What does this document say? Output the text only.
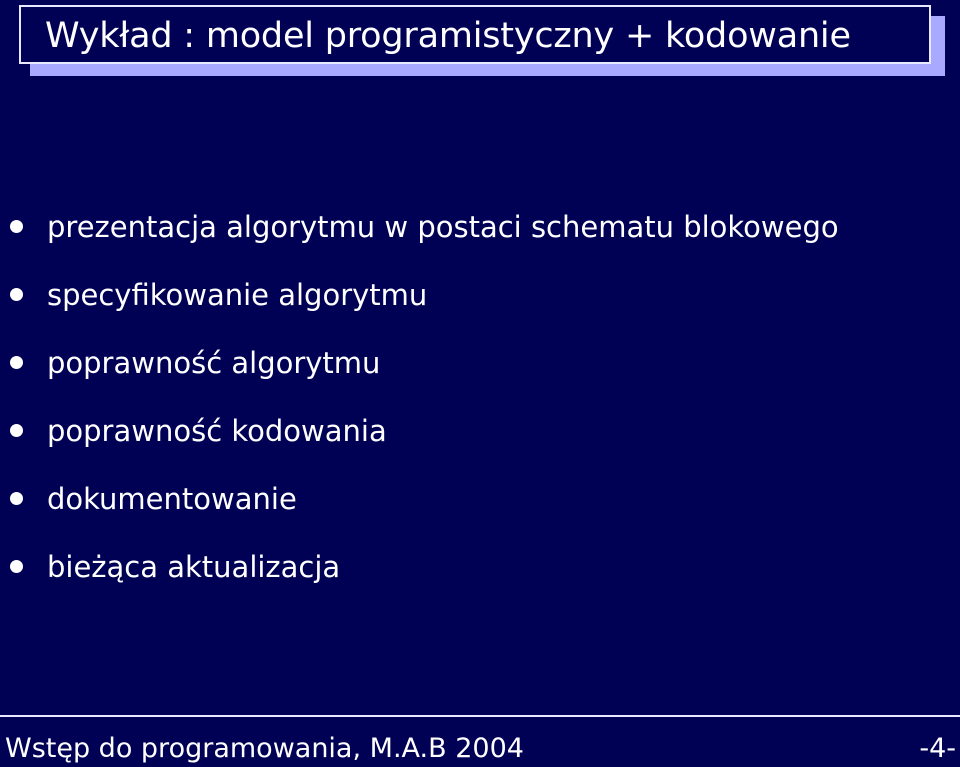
Wykład : model programistyczny + kodowanie
prezentacja algorytmu w postaci schematu blokowego
specyfikowanie algorytmu
poprawność algorytmu
poprawność kodowania
dokumentowanie
bieżąca aktualizacja
Wstęp do programowania, M.A.B 2004	-4-
